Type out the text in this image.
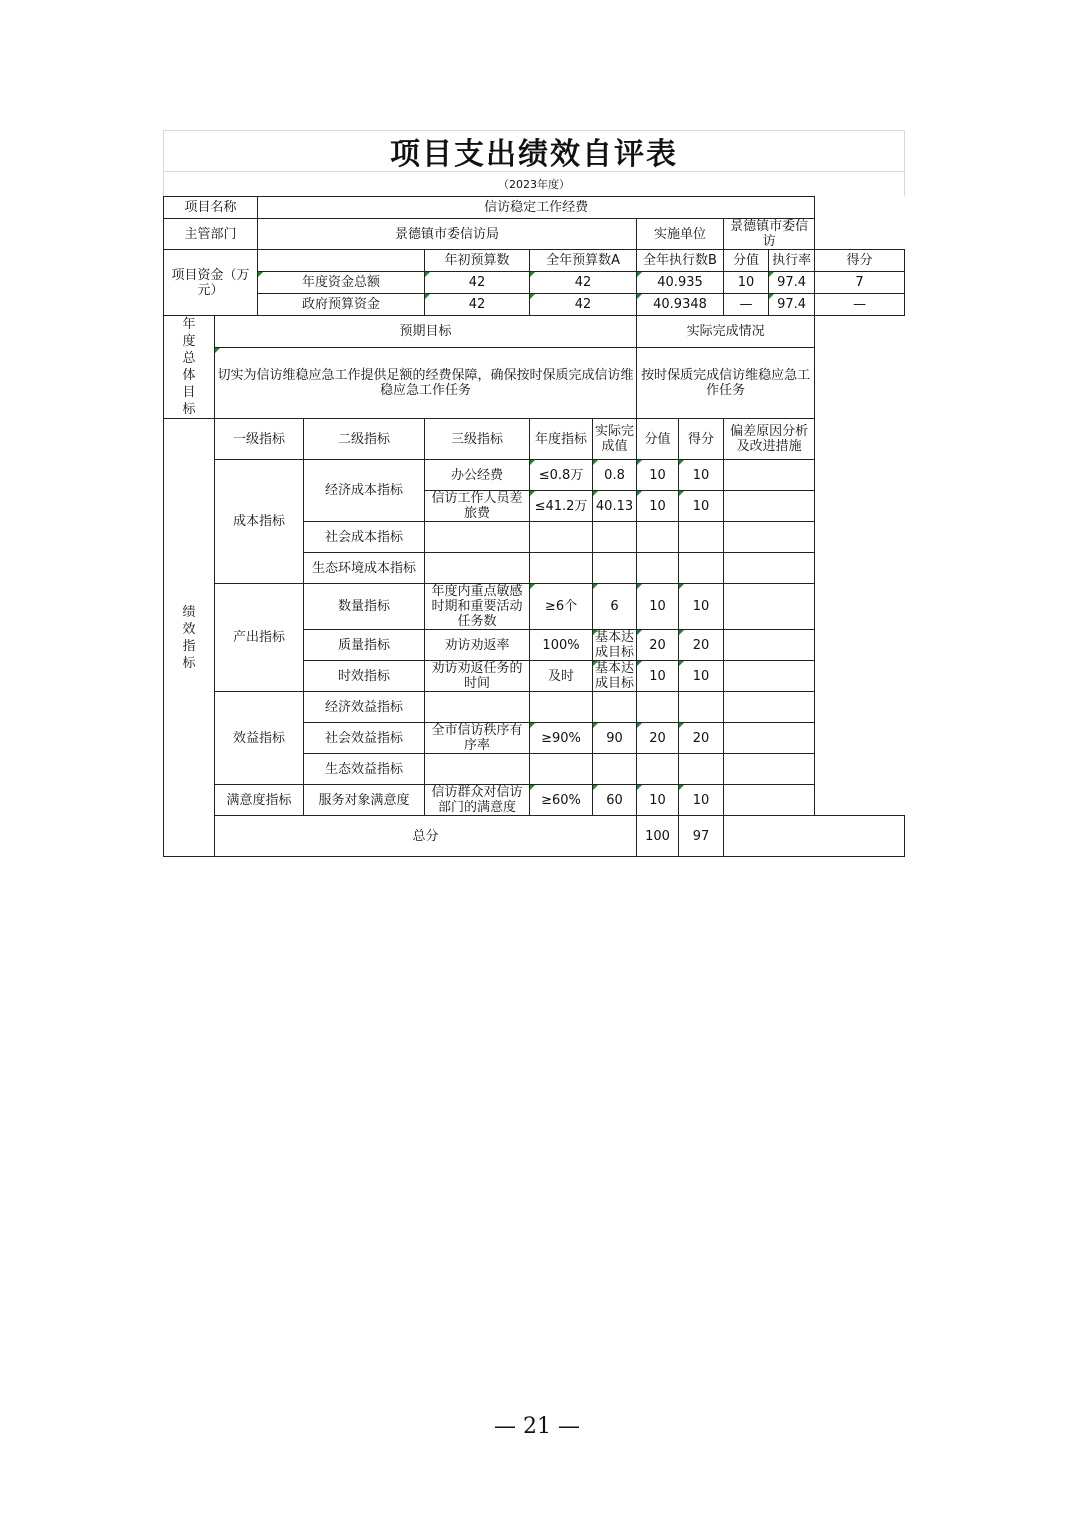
项目支出绩效自评表
（2023年度）
项目名称		信访稳定工作经费									
主管部门		景德镇市委信访局					实施单位		景德镇市委信访		
项目资金（万元）				年初预算数	全年预算数A		全年执行数B		分值	执行率	得分
		年度资金总额		42	42		40.935		10	97.4	7
		政府预算资金		42	42		40.9348		—	97.4	—
年度总体目标	预期目标						实际完成情况				
	切实为信访维稳应急工作提供足额的经费保障，确保按时保质完成信访维稳应急工作任务						按时保质完成信访维稳应急工作任务				
绩效指标	一级指标		二级指标	三级指标	年度指标	实际完成值	分值	得分	偏差原因分析及改进措施		
	成本指标		经济成本指标	办公经费	≤0.8万	0.8	10	10			
				信访工作人员差旅费	≤41.2万	40.13	10	10			
			社会成本指标								
			生态环境成本指标								
	产出指标		数量指标	年度内重点敏感时期和重要活动任务数	≥6个	6	10	10			
			质量指标	劝访劝返率	100%	基本达成目标	20	20			
			时效指标	劝访劝返任务的时间	及时	基本达成目标	10	10			
	效益指标		经济效益指标								
			社会效益指标	全市信访秩序有序率	≥90%	90	20	20			
			生态效益指标								
	满意度指标		服务对象满意度	信访群众对信访部门的满意度	≥60%	60	10	10			
	总分						100	97			
— 21 —
